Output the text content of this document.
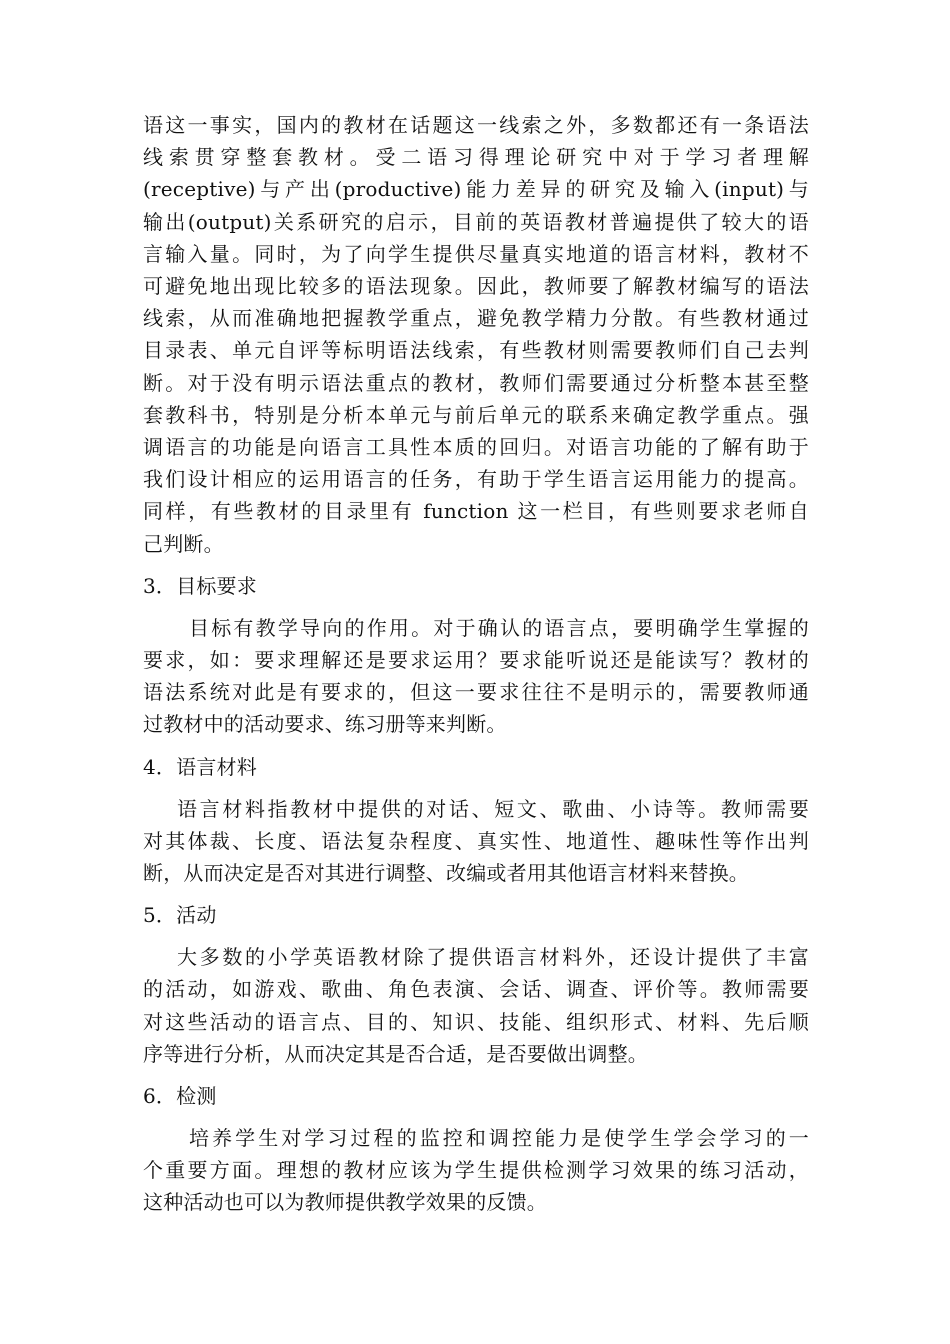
语这一事实，国内的教材在话题这一线索之外，多数都还有一条语法
线索贯穿整套教材。受二语习得理论研究中对于学习者理解
(receptive)与产出(productive)能力差异的研究及输入(input)与
输出(output)关系研究的启示，目前的英语教材普遍提供了较大的语
言输入量。同时，为了向学生提供尽量真实地道的语言材料，教材不
可避免地出现比较多的语法现象。因此，教师要了解教材编写的语法
线索，从而准确地把握教学重点，避免教学精力分散。有些教材通过
目录表、单元自评等标明语法线索，有些教材则需要教师们自己去判
断。对于没有明示语法重点的教材，教师们需要通过分析整本甚至整
套教科书，特别是分析本单元与前后单元的联系来确定教学重点。强
调语言的功能是向语言工具性本质的回归。对语言功能的了解有助于
我们设计相应的运用语言的任务，有助于学生语言运用能力的提高。
同样，有些教材的目录里有 function 这一栏目，有些则要求老师自
己判断。
3．目标要求
目标有教学导向的作用。对于确认的语言点，要明确学生掌握的
要求，如：要求理解还是要求运用？要求能听说还是能读写？教材的
语法系统对此是有要求的，但这一要求往往不是明示的，需要教师通
过教材中的活动要求、练习册等来判断。
4．语言材料
语言材料指教材中提供的对话、短文、歌曲、小诗等。教师需要
对其体裁、长度、语法复杂程度、真实性、地道性、趣味性等作出判
断，从而决定是否对其进行调整、改编或者用其他语言材料来替换。
5．活动
大多数的小学英语教材除了提供语言材料外，还设计提供了丰富
的活动，如游戏、歌曲、角色表演、会话、调查、评价等。教师需要
对这些活动的语言点、目的、知识、技能、组织形式、材料、先后顺
序等进行分析，从而决定其是否合适，是否要做出调整。
6．检测
培养学生对学习过程的监控和调控能力是使学生学会学习的一
个重要方面。理想的教材应该为学生提供检测学习效果的练习活动，
这种活动也可以为教师提供教学效果的反馈。
